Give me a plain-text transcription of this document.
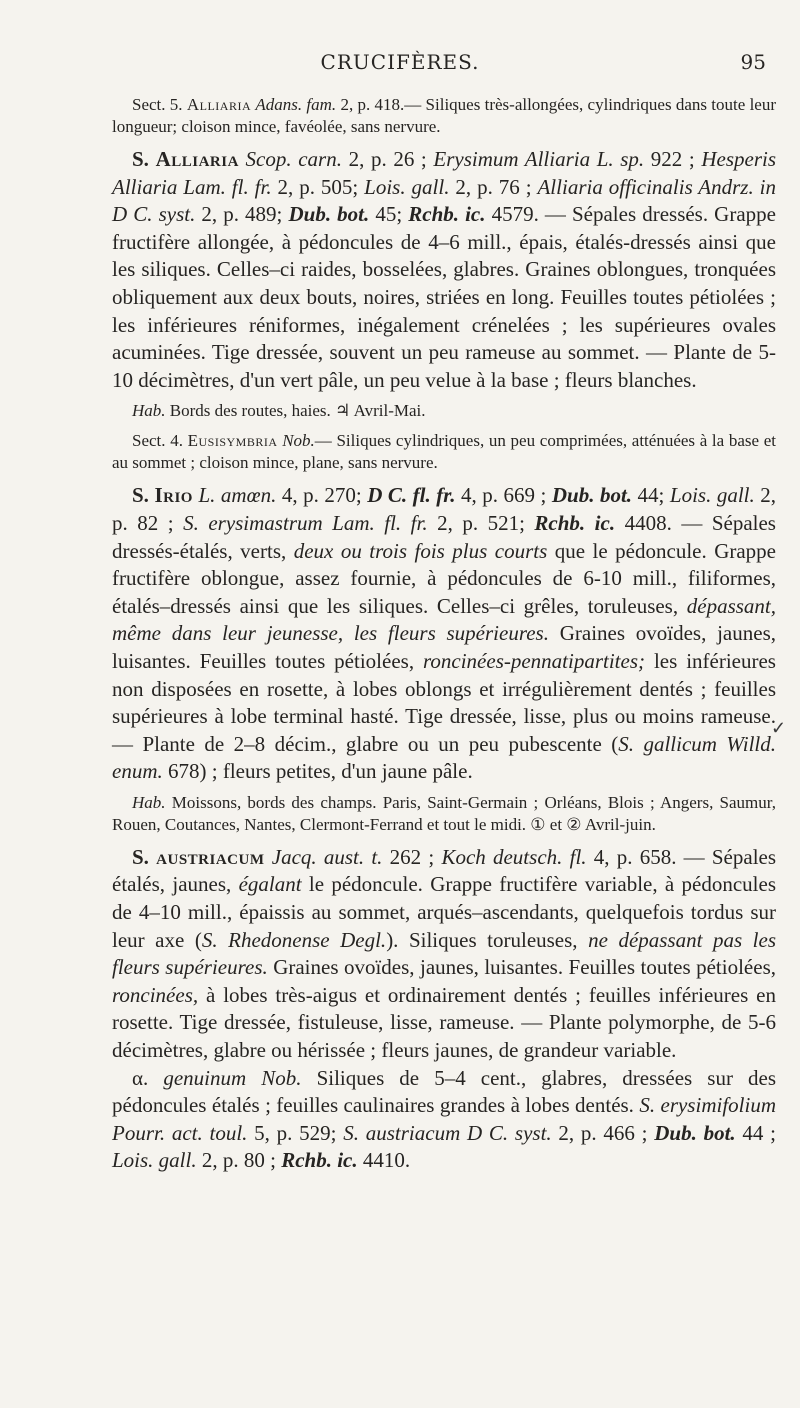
CRUCIFÈRES.	95
✓

Sect. 5. Alliaria Adans. fam. 2, p. 418.— Siliques très-allongées, cylindriques dans toute leur longueur; cloison mince, favéolée, sans nervure.

S. Alliaria Scop. carn. 2, p. 26 ; Erysimum Alliaria L. sp. 922 ; Hesperis Alliaria Lam. fl. fr. 2, p. 505; Lois. gall. 2, p. 76 ; Alliaria officinalis Andrz. in D C. syst. 2, p. 489; Dub. bot. 45; Rchb. ic. 4579. — Sépales dressés. Grappe fructifère allongée, à pédoncules de 4–6 mill., épais, étalés-dressés ainsi que les siliques. Celles–ci raides, bosselées, glabres. Graines oblongues, tronquées obliquement aux deux bouts, noires, striées en long. Feuilles toutes pétiolées ; les inférieures réniformes, inégalement crénelées ; les supérieures ovales acuminées. Tige dressée, souvent un peu rameuse au sommet. — Plante de 5-10 décimètres, d'un vert pâle, un peu velue à la base ; fleurs blanches.

Hab. Bords des routes, haies. ♃ Avril-Mai.

Sect. 4. Eusisymbria Nob.— Siliques cylindriques, un peu comprimées, atténuées à la base et au sommet ; cloison mince, plane, sans nervure.

S. Irio L. amœn. 4, p. 270; D C. fl. fr. 4, p. 669 ; Dub. bot. 44; Lois. gall. 2, p. 82 ; S. erysimastrum Lam. fl. fr. 2, p. 521; Rchb. ic. 4408. — Sépales dressés-étalés, verts, deux ou trois fois plus courts que le pédoncule. Grappe fructifère oblongue, assez fournie, à pédoncules de 6-10 mill., filiformes, étalés–dressés ainsi que les siliques. Celles–ci grêles, toruleuses, dépassant, même dans leur jeunesse, les fleurs supérieures. Graines ovoïdes, jaunes, luisantes. Feuilles toutes pétiolées, roncinées-pennatipartites; les inférieures non disposées en rosette, à lobes oblongs et irrégulièrement dentés ; feuilles supérieures à lobe terminal hasté. Tige dressée, lisse, plus ou moins rameuse. — Plante de 2–8 décim., glabre ou un peu pubescente (S. gallicum Willd. enum. 678) ; fleurs petites, d'un jaune pâle.

Hab. Moissons, bords des champs. Paris, Saint-Germain ; Orléans, Blois ; Angers, Saumur, Rouen, Coutances, Nantes, Clermont-Ferrand et tout le midi. ① et ② Avril-juin.

S. austriacum Jacq. aust. t. 262 ; Koch deutsch. fl. 4, p. 658. — Sépales étalés, jaunes, égalant le pédoncule. Grappe fructifère variable, à pédoncules de 4–10 mill., épaissis au sommet, arqués–ascendants, quelquefois tordus sur leur axe (S. Rhedonense Degl.). Siliques toruleuses, ne dépassant pas les fleurs supérieures. Graines ovoïdes, jaunes, luisantes. Feuilles toutes pétiolées, roncinées, à lobes très-aigus et ordinairement dentés ; feuilles inférieures en rosette. Tige dressée, fistuleuse, lisse, rameuse. — Plante polymorphe, de 5-6 décimètres, glabre ou hérissée ; fleurs jaunes, de grandeur variable.

α. genuinum Nob. Siliques de 5–4 cent., glabres, dressées sur des pédoncules étalés ; feuilles caulinaires grandes à lobes dentés. S. erysimifolium Pourr. act. toul. 5, p. 529; S. austriacum D C. syst. 2, p. 466 ; Dub. bot. 44 ; Lois. gall. 2, p. 80 ; Rchb. ic. 4410.
